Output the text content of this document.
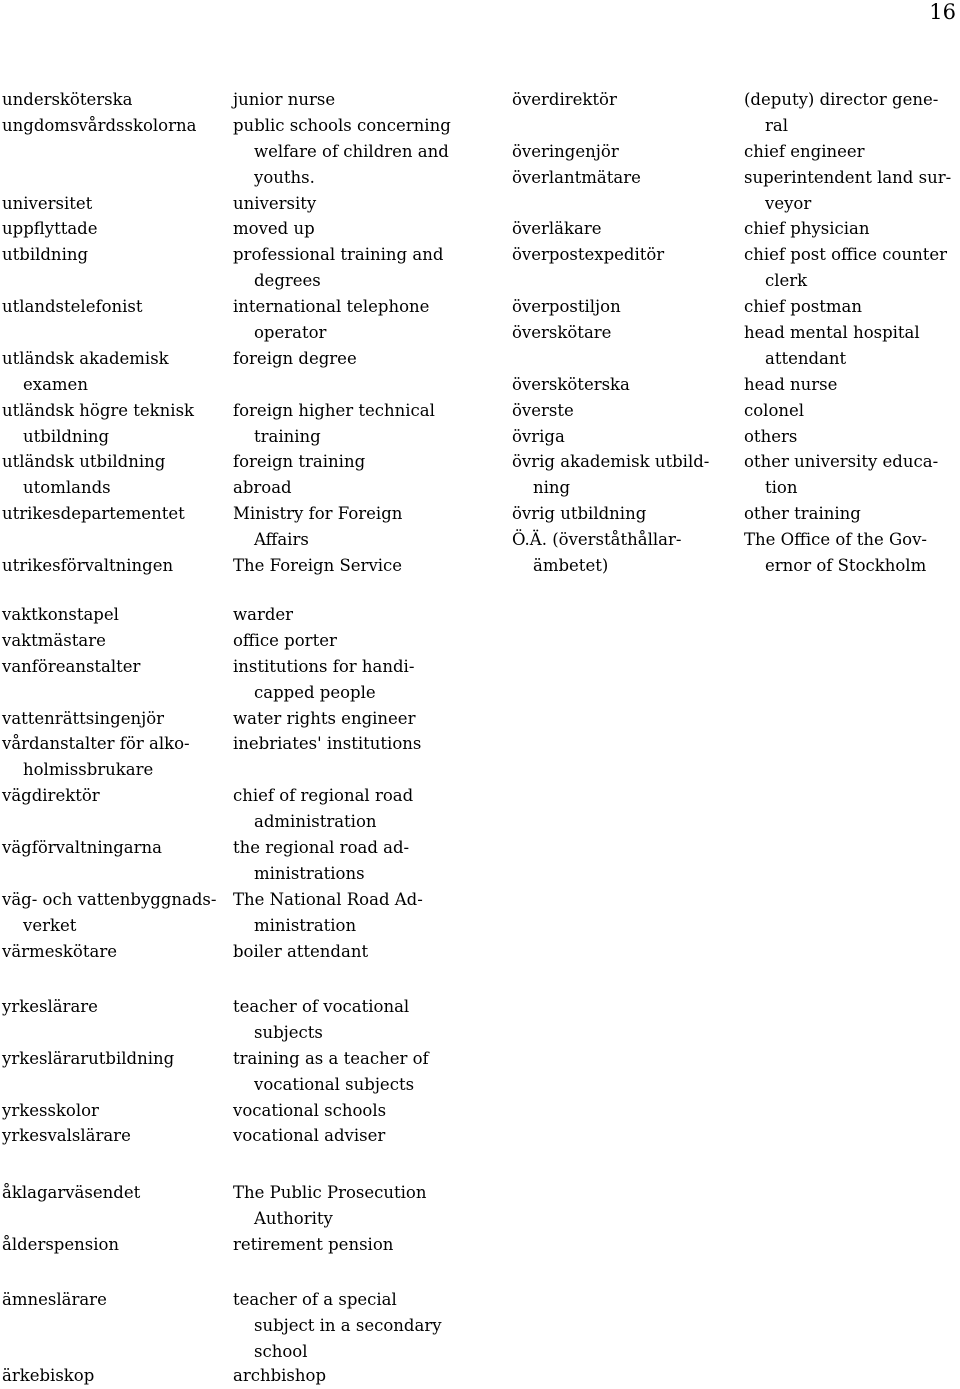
16
undersköterska
ungdomsvårdsskolorna
universitet
uppflyttade
utbildning
utlandstelefonist
utländsk akademisk
examen
utländsk högre teknisk
utbildning
utländsk utbildning
utomlands
utrikesdepartementet
utrikesförvaltningen
junior nurse
public schools concerning
welfare of children and
youths.
university
moved up
professional training and
degrees
international telephone
operator
foreign degree
foreign higher technical
training
foreign training
abroad
Ministry for Foreign
Affairs
The Foreign Service
överdirektör
överingenjör
överlantmätare
överläkare
överpostexpeditör
överpostiljon
överskötare
översköterska
överste
övriga
övrig akademisk utbild-
ning
övrig utbildning
Ö.Ä. (överståthållar-
ämbetet)
(deputy) director gene-
ral
chief engineer
superintendent land sur-
veyor
chief physician
chief post office counter
clerk
chief postman
head mental hospital
attendant
head nurse
colonel
others
other university educa-
tion
other training
The Office of the Gov-
ernor of Stockholm
vaktkonstapel
vaktmästare
vanföreanstalter
vattenrättsingenjör
vårdanstalter för alko-
holmissbrukare
vägdirektör
vägförvaltningarna
väg- och vattenbyggnads-
verket
värmeskötare
warder
office porter
institutions for handi-
capped people
water rights engineer
inebriates' institutions
chief of regional road
administration
the regional road ad-
ministrations
The National Road Ad-
ministration
boiler attendant
yrkeslärare
yrkeslärarutbildning
yrkesskolor
yrkesvalslärare
teacher of vocational
subjects
training as a teacher of
vocational subjects
vocational schools
vocational adviser
åklagarväsendet
ålderspension
The Public Prosecution
Authority
retirement pension
ämneslärare	teacher of a special
subject in a secondary
school
ärkebiskop	archbishop
